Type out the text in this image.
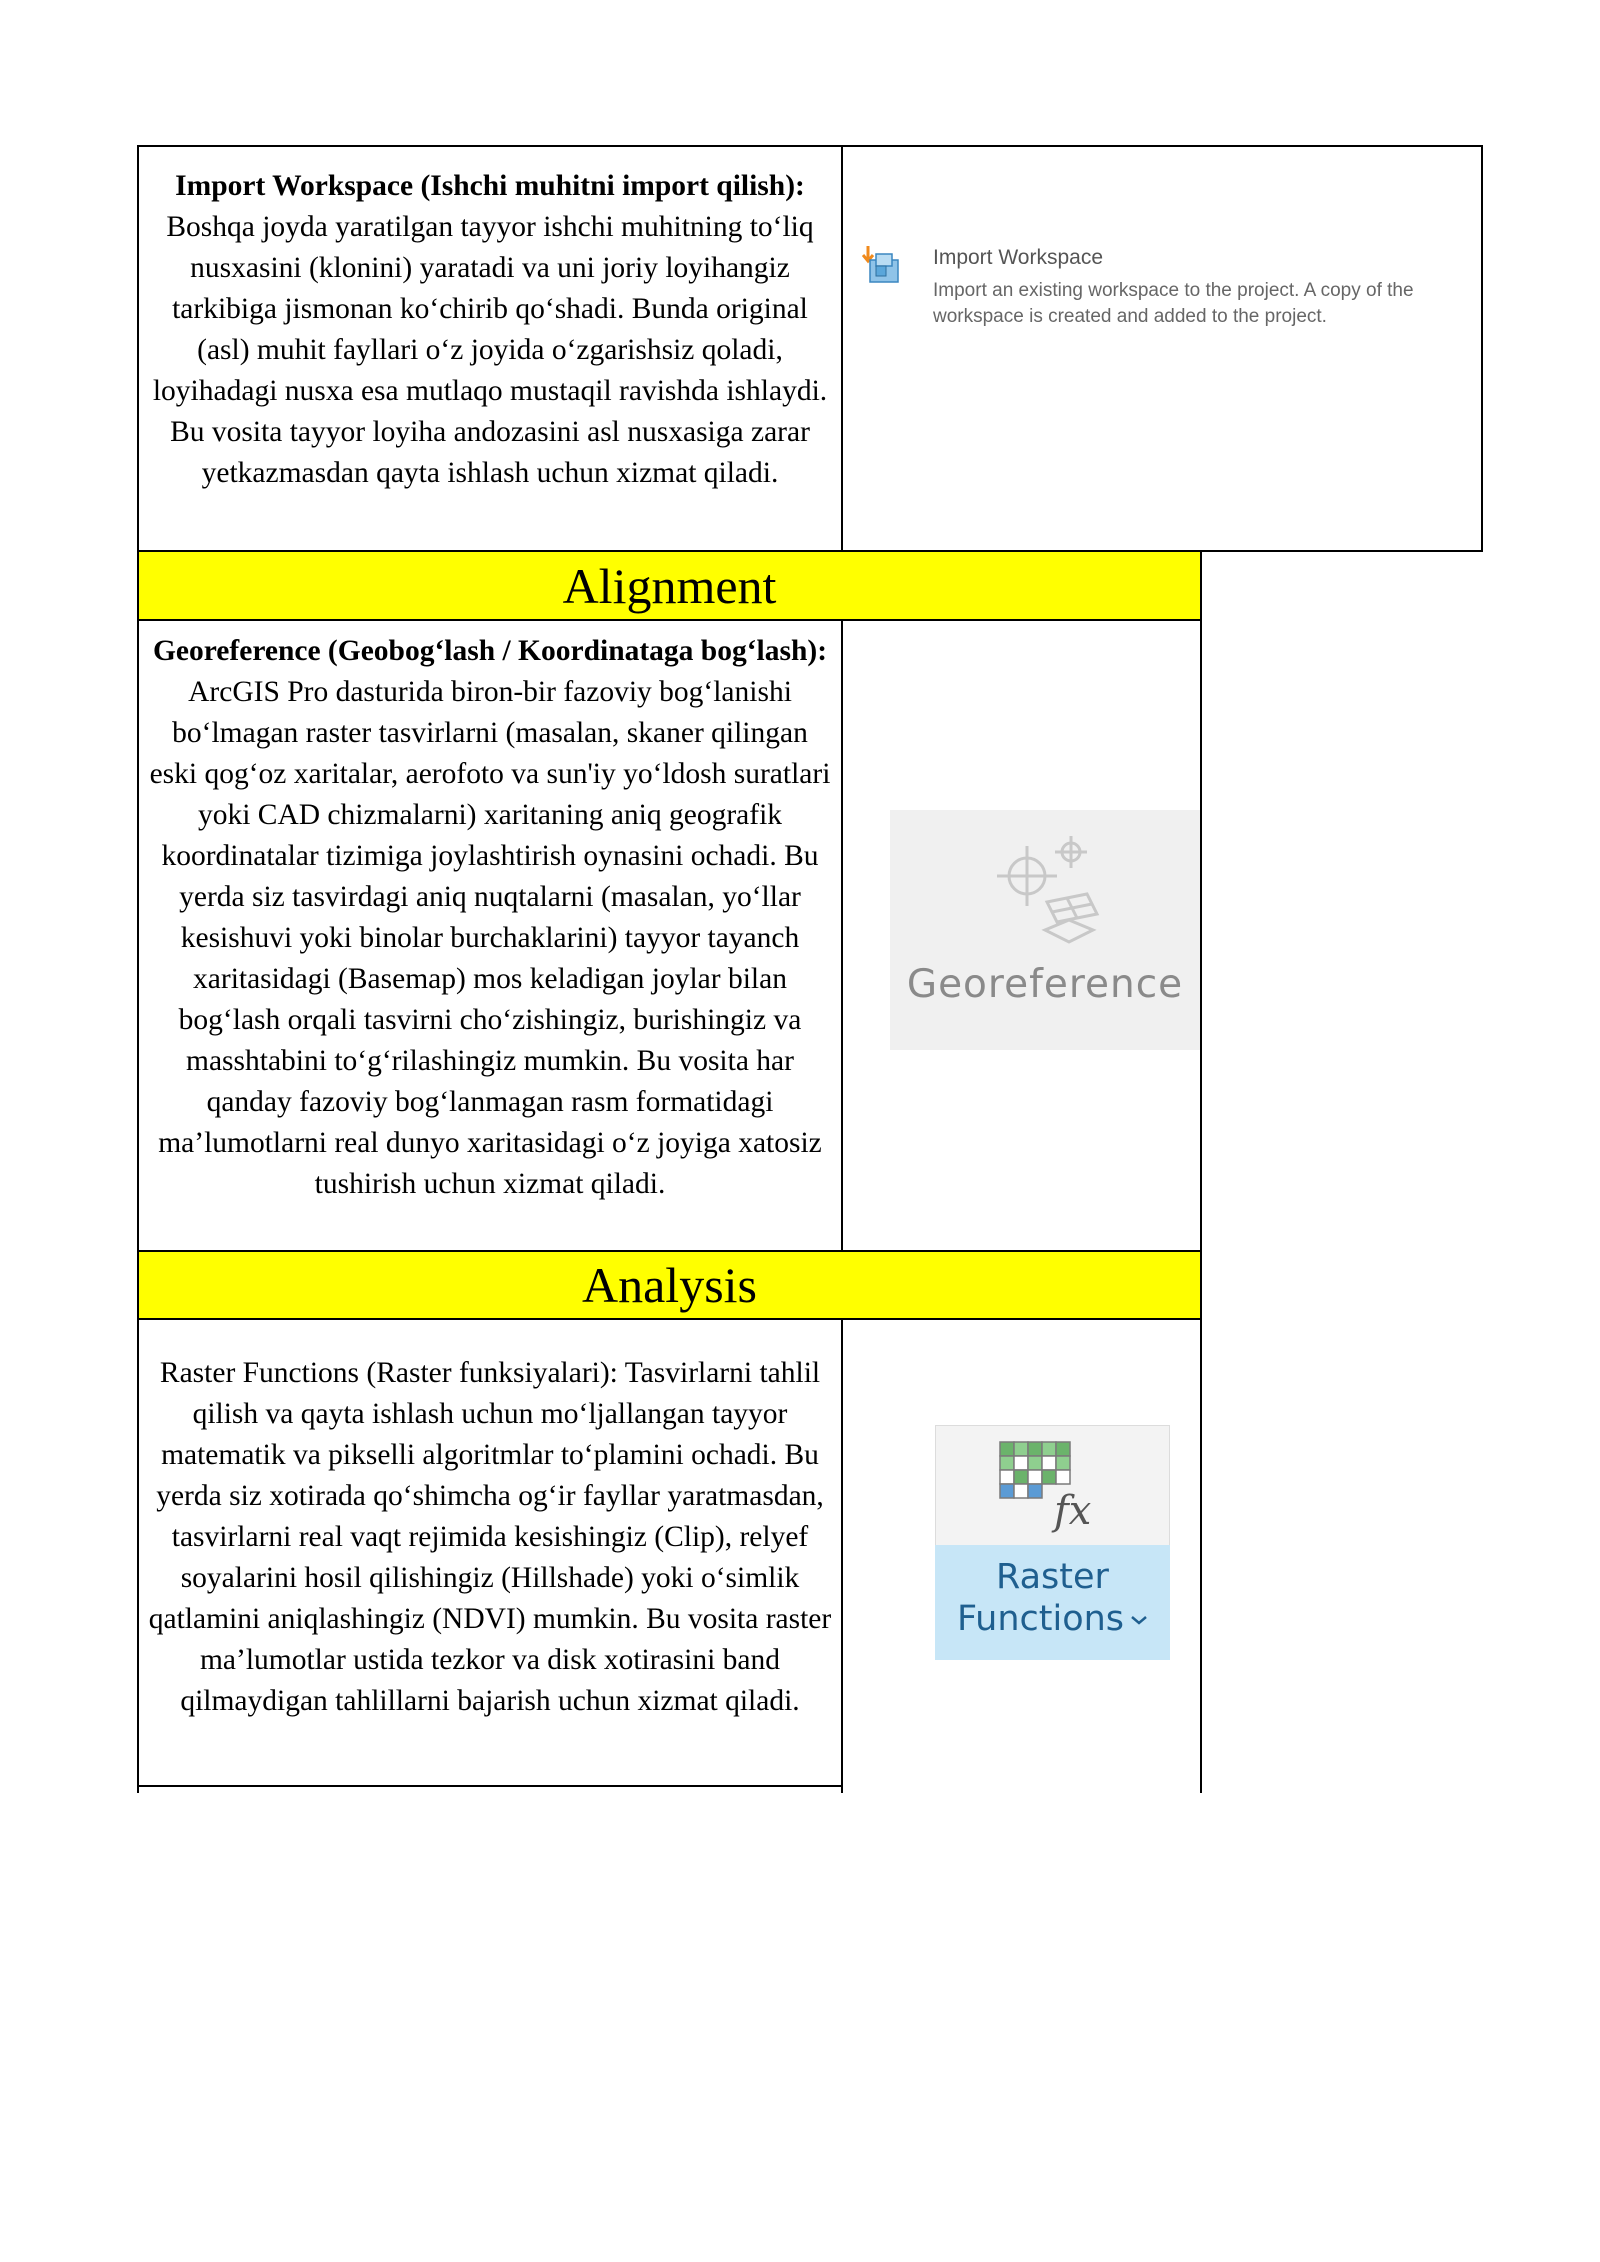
Import Workspace (Ishchi muhitni import qilish): Boshqa joyda yaratilgan tayyor ishchi muhitning to‘liq nusxasini (klonini) yaratadi va uni joriy loyihangiz tarkibiga jismonan ko‘chirib qo‘shadi. Bunda original (asl) muhit fayllari o‘z joyida o‘zgarishsiz qoladi, loyihadagi nusxa esa mutlaqo mustaqil ravishda ishlaydi. Bu vosita tayyor loyiha andozasini asl nusxasiga zarar yetkazmasdan qayta ishlash uchun xizmat qiladi.
Import Workspace
Import an existing workspace to the project. A copy of the workspace is created and added to the project.
Alignment
Georeference (Geobog‘lash / Koordinataga bog‘lash): ArcGIS Pro dasturida biron-bir fazoviy bog‘lanishi bo‘lmagan raster tasvirlarni (masalan, skaner qilingan eski qog‘oz xaritalar, aerofoto va sun'iy yo‘ldosh suratlari yoki CAD chizmalarni) xaritaning aniq geografik koordinatalar tizimiga joylashtirish oynasini ochadi. Bu yerda siz tasvirdagi aniq nuqtalarni (masalan, yo‘llar kesishuvi yoki binolar burchaklarini) tayyor tayanch xaritasidagi (Basemap) mos keladigan joylar bilan bog‘lash orqali tasvirni cho‘zishingiz, burishingiz va masshtabini to‘g‘rilashingiz mumkin. Bu vosita har qanday fazoviy bog‘lanmagan rasm formatidagi ma’lumotlarni real dunyo xaritasidagi o‘z joyiga xatosiz tushirish uchun xizmat qiladi.
Georeference
Analysis
Raster Functions (Raster funksiyalari): Tasvirlarni tahlil qilish va qayta ishlash uchun mo‘ljallangan tayyor matematik va pikselli algoritmlar to‘plamini ochadi. Bu yerda siz xotirada qo‘shimcha og‘ir fayllar yaratmasdan, tasvirlarni real vaqt rejimida kesishingiz (Clip), relyef soyalarini hosil qilishingiz (Hillshade) yoki o‘simlik qatlamini aniqlashingiz (NDVI) mumkin. Bu vosita raster ma’lumotlar ustida tezkor va disk xotirasini band qilmaydigan tahlillarni bajarish uchun xizmat qiladi.
fx
Raster
Functions
